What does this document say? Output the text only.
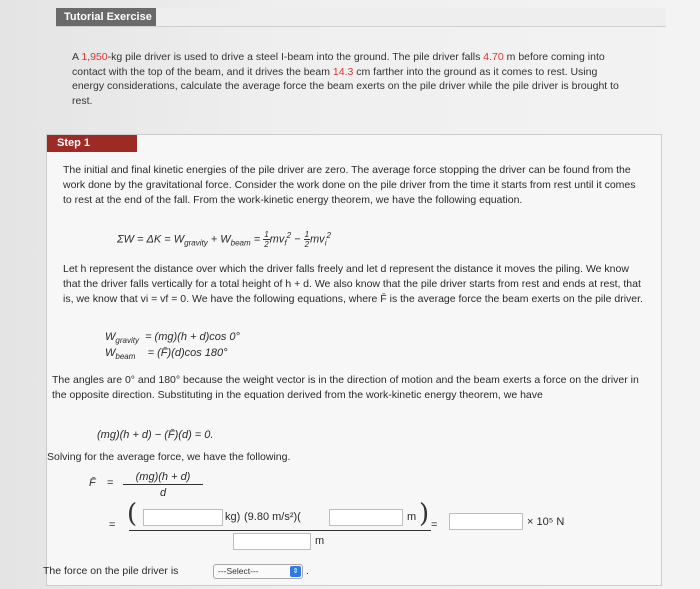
Tutorial Exercise
A 1,950-kg pile driver is used to drive a steel I-beam into the ground. The pile driver falls 4.70 m before coming into contact with the top of the beam, and it drives the beam 14.3 cm farther into the ground as it comes to rest. Using energy considerations, calculate the average force the beam exerts on the pile driver while the pile driver is brought to rest.
Step 1
The initial and final kinetic energies of the pile driver are zero. The average force stopping the driver can be found from the work done by the gravitational force. Consider the work done on the pile driver from the time it starts from rest until it comes to rest at the end of the fall. From the work-kinetic energy theorem, we have the following equation.
$\Sigma W = \Delta K = W_{gravity} + W_{beam} = \frac{1}{2}mv_f^2 - \frac{1}{2}mv_i^2$
Let h represent the distance over which the driver falls freely and let d represent the distance it moves the piling. We know that the driver falls vertically for a total height of h + d. We also know that the pile driver starts from rest and ends at rest, that is, we know that vi = vf = 0. We have the following equations, where F̄ is the average force the beam exerts on the pile driver.
$W_{gravity} = (mg)(h + d)\cos$ 0°
$W_{beam}$ = (F̄)(d)cos 180°
The angles are 0° and 180° because the weight vector is in the direction of motion and the beam exerts a force on the driver in the opposite direction. Substituting in the equation derived from the work-kinetic energy theorem, we have
(mg)(h + d) − (F̄)(d) = 0.
Solving for the average force, we have the following.
F̄ =	(mg)(h + d)
d
= (	kg) (9.80 m/s²)(	m )
m
=	× 10⁵ N
The force on the pile driver is	---Select---	⇕ .
